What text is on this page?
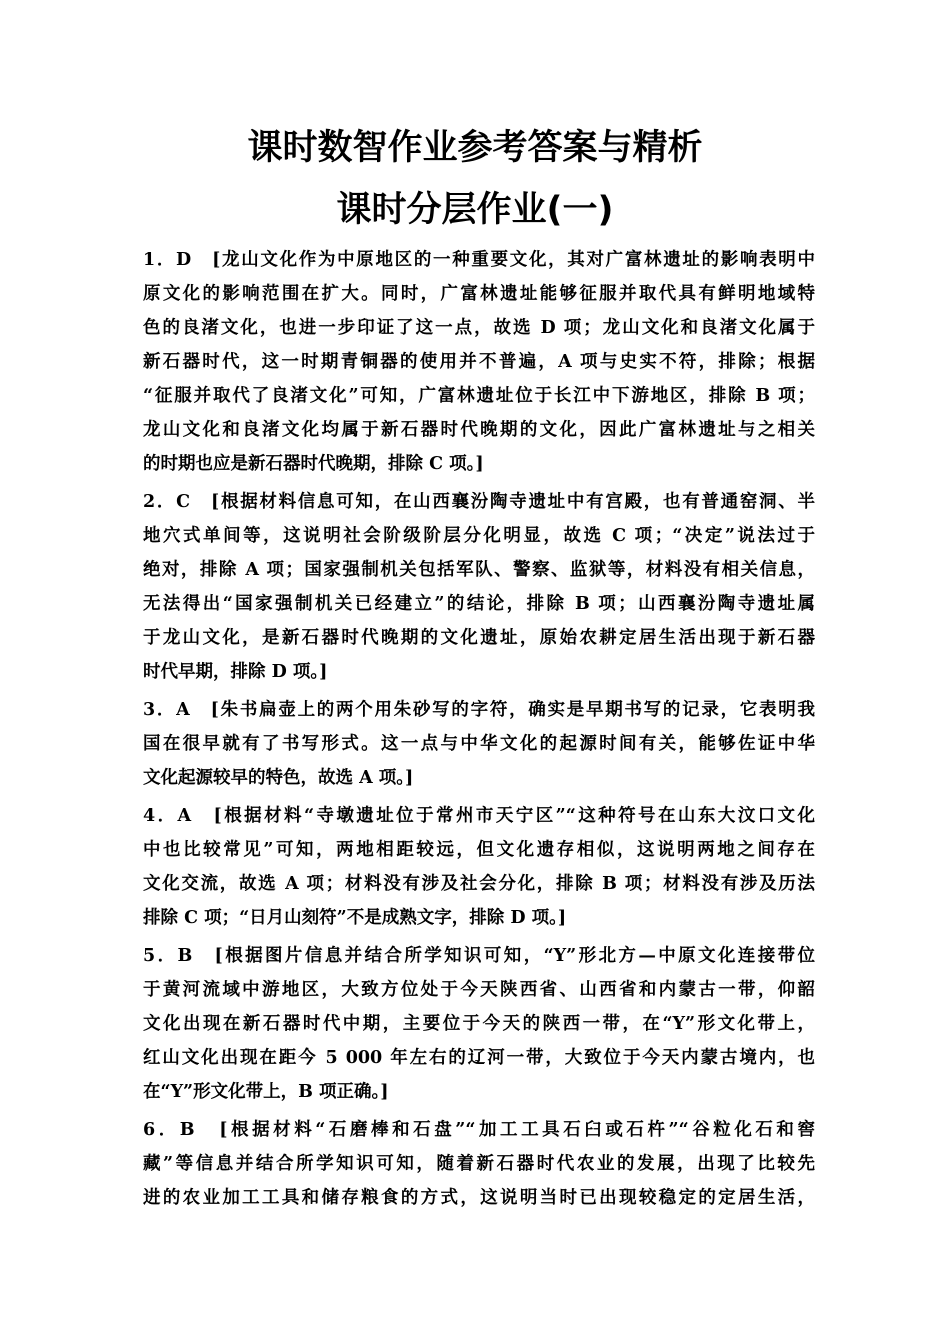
课时数智作业参考答案与精析
课时分层作业(一)
1．D　[龙山文化作为中原地区的一种重要文化，其对广富林遗址的影响表明中
原文化的影响范围在扩大。同时，广富林遗址能够征服并取代具有鲜明地域特
色的良渚文化，也进一步印证了这一点，故选 D 项；龙山文化和良渚文化属于
新石器时代，这一时期青铜器的使用并不普遍，A 项与史实不符，排除；根据
“征服并取代了良渚文化”可知，广富林遗址位于长江中下游地区，排除 B 项；
龙山文化和良渚文化均属于新石器时代晚期的文化，因此广富林遗址与之相关
的时期也应是新石器时代晚期，排除 C 项。]
2．C　[根据材料信息可知，在山西襄汾陶寺遗址中有宫殿，也有普通窑洞、半
地穴式单间等，这说明社会阶级阶层分化明显，故选 C 项；“决定”说法过于
绝对，排除 A 项；国家强制机关包括军队、警察、监狱等，材料没有相关信息，
无法得出“国家强制机关已经建立”的结论，排除 B 项；山西襄汾陶寺遗址属
于龙山文化，是新石器时代晚期的文化遗址，原始农耕定居生活出现于新石器
时代早期，排除 D 项。]
3．A　[朱书扁壶上的两个用朱砂写的字符，确实是早期书写的记录，它表明我
国在很早就有了书写形式。这一点与中华文化的起源时间有关，能够佐证中华
文化起源较早的特色，故选 A 项。]
4．A　[根据材料“寺墩遗址位于常州市天宁区”“这种符号在山东大汶口文化
中也比较常见”可知，两地相距较远，但文化遗存相似，这说明两地之间存在
文化交流，故选 A 项；材料没有涉及社会分化，排除 B 项；材料没有涉及历法
排除 C 项；“日月山刻符”不是成熟文字，排除 D 项。]
5．B　[根据图片信息并结合所学知识可知，“Y”形北方—中原文化连接带位
于黄河流域中游地区，大致方位处于今天陕西省、山西省和内蒙古一带，仰韶
文化出现在新石器时代中期，主要位于今天的陕西一带，在“Y”形文化带上，
红山文化出现在距今 5 000 年左右的辽河一带，大致位于今天内蒙古境内，也
在“Y”形文化带上，B 项正确。]
6．B　[根据材料“石磨棒和石盘”“加工工具石臼或石杵”“谷粒化石和窖
藏”等信息并结合所学知识可知，随着新石器时代农业的发展，出现了比较先
进的农业加工工具和储存粮食的方式，这说明当时已出现较稳定的定居生活，
